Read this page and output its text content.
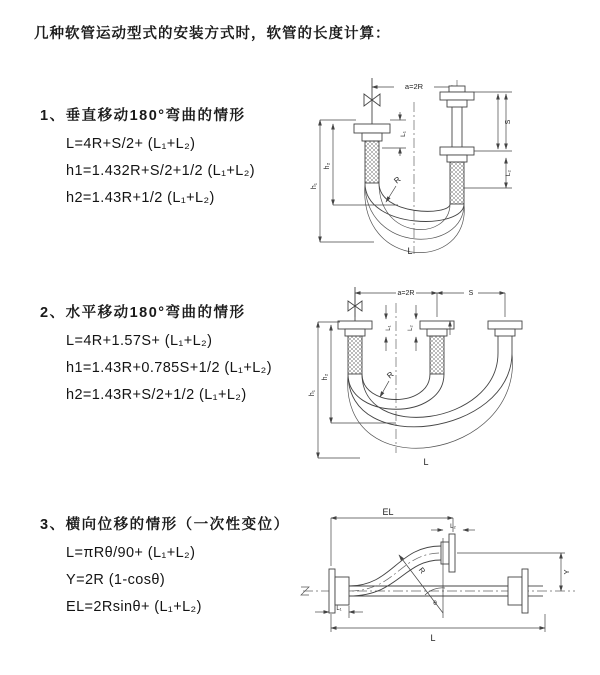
几种软管运动型式的安装方式时，软管的长度计算：
1、垂直移动180°弯曲的情形
L=4R+S/2+ (L₁+L₂)
h1=1.432R+S/2+1/2 (L₁+L₂)
h2=1.43R+1/2 (L₁+L₂)
2、水平移动180°弯曲的情形
L=4R+1.57S+ (L₁+L₂)
h1=1.43R+0.785S+1/2 (L₁+L₂)
h2=1.43R+S/2+1/2 (L₁+L₂)
3、横向位移的情形（一次性变位）
L=πRθ/90+ (L₁+L₂)
Y=2R (1-cosθ)
EL=2Rsinθ+ (L₁+L₂)
a=2R
h₁
h₂
L₁
S
L₂
R
L
a=2R	S
L₁	L₂
h₁
h₂	R
L
EL
L₂
R
θ
Y
L₁
L
